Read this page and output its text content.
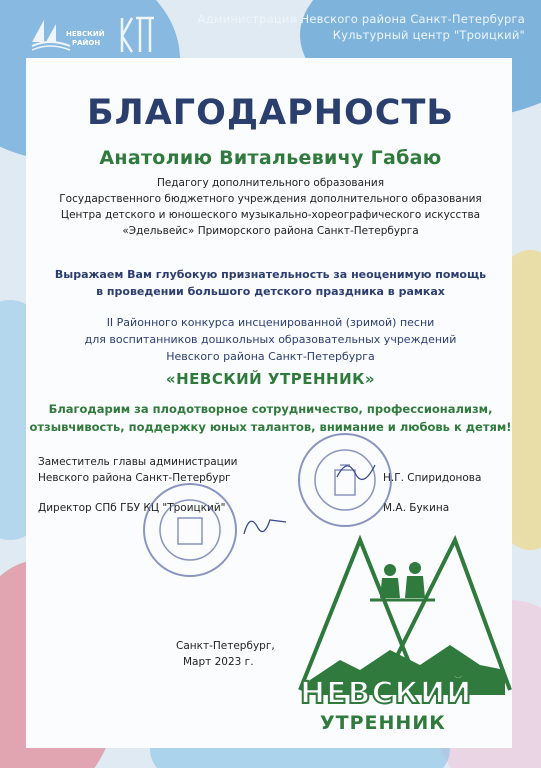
НЕВСКИЙ
РАЙОН
Администрация Невского района Санкт-Петербурга
Культурный центр "Троицкий"
БЛАГОДАРНОСТЬ
Анатолию Витальевичу Габаю
Педагогу дополнительного образования
Государственного бюджетного учреждения дополнительного образования
Центра детского и юношеского музыкально-хореографического искусства
«Эдельвейс» Приморского района Санкт-Петербурга
Выражаем Вам глубокую признательность за неоценимую помощь
в проведении большого детского праздника в рамках
II Районного конкурса инсценированной (зримой) песни
для воспитанников дошкольных образовательных учреждений
Невского района Санкт-Петербурга
«НЕВСКИЙ УТРЕННИК»
Благодарим за плодотворное сотрудничество, профессионализм,
отзывчивость, поддержку юных талантов, внимание и любовь к детям!
Заместитель главы администрации
Невского района Санкт-Петербург	Н.Г. Спиридонова
Директор СПб ГБУ КЦ "Троицкий"	М.А. Букина
Санкт-Петербург,
Март 2023 г.
НЕВСКИЙ
УТРЕННИК
